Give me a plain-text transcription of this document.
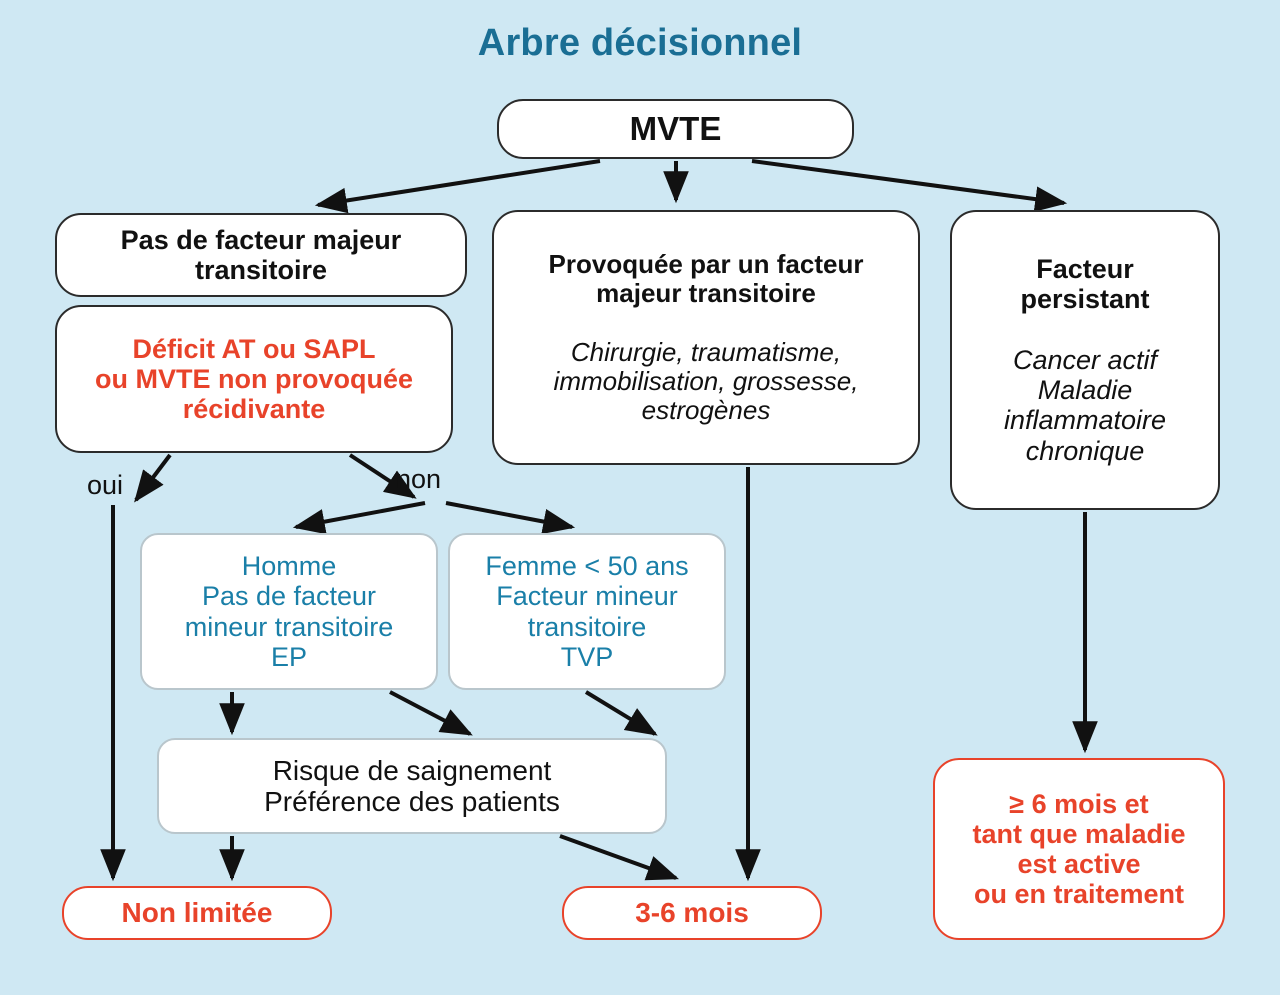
Arbre décisionnel
MVTE
Pas de facteur majeur
transitoire
Déficit AT ou SAPL
ou MVTE non provoquée
récidivante
Provoquée par un facteur
majeur transitoire

Chirurgie, traumatisme,
immobilisation, grossesse,
estrogènes
Facteur
persistant

Cancer actif
Maladie
inflammatoire
chronique
Homme
Pas de facteur
mineur transitoire
EP
Femme < 50 ans
Facteur mineur
transitoire
TVP
Risque de saignement
Préférence des patients
Non limitée	3-6 mois
≥ 6 mois et
tant que maladie
est active
ou en traitement
oui	non
